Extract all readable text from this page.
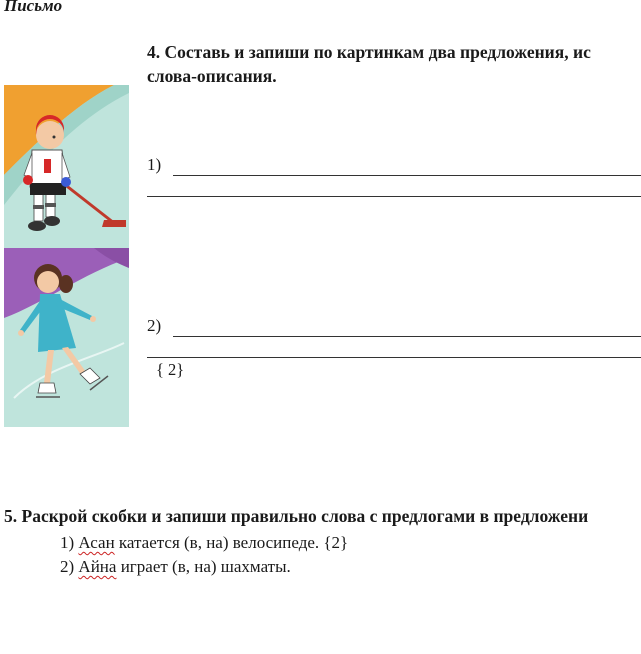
Письмо
4. Составь и запиши по картинкам два предложения, ис
слова-описания.
1)
2)
{ 2}
5. Раскрой скобки и запиши правильно слова с предлогами в предложени
1) Асан катается (в, на) велосипеде. {2}
2) Айна играет (в, на) шахматы.
